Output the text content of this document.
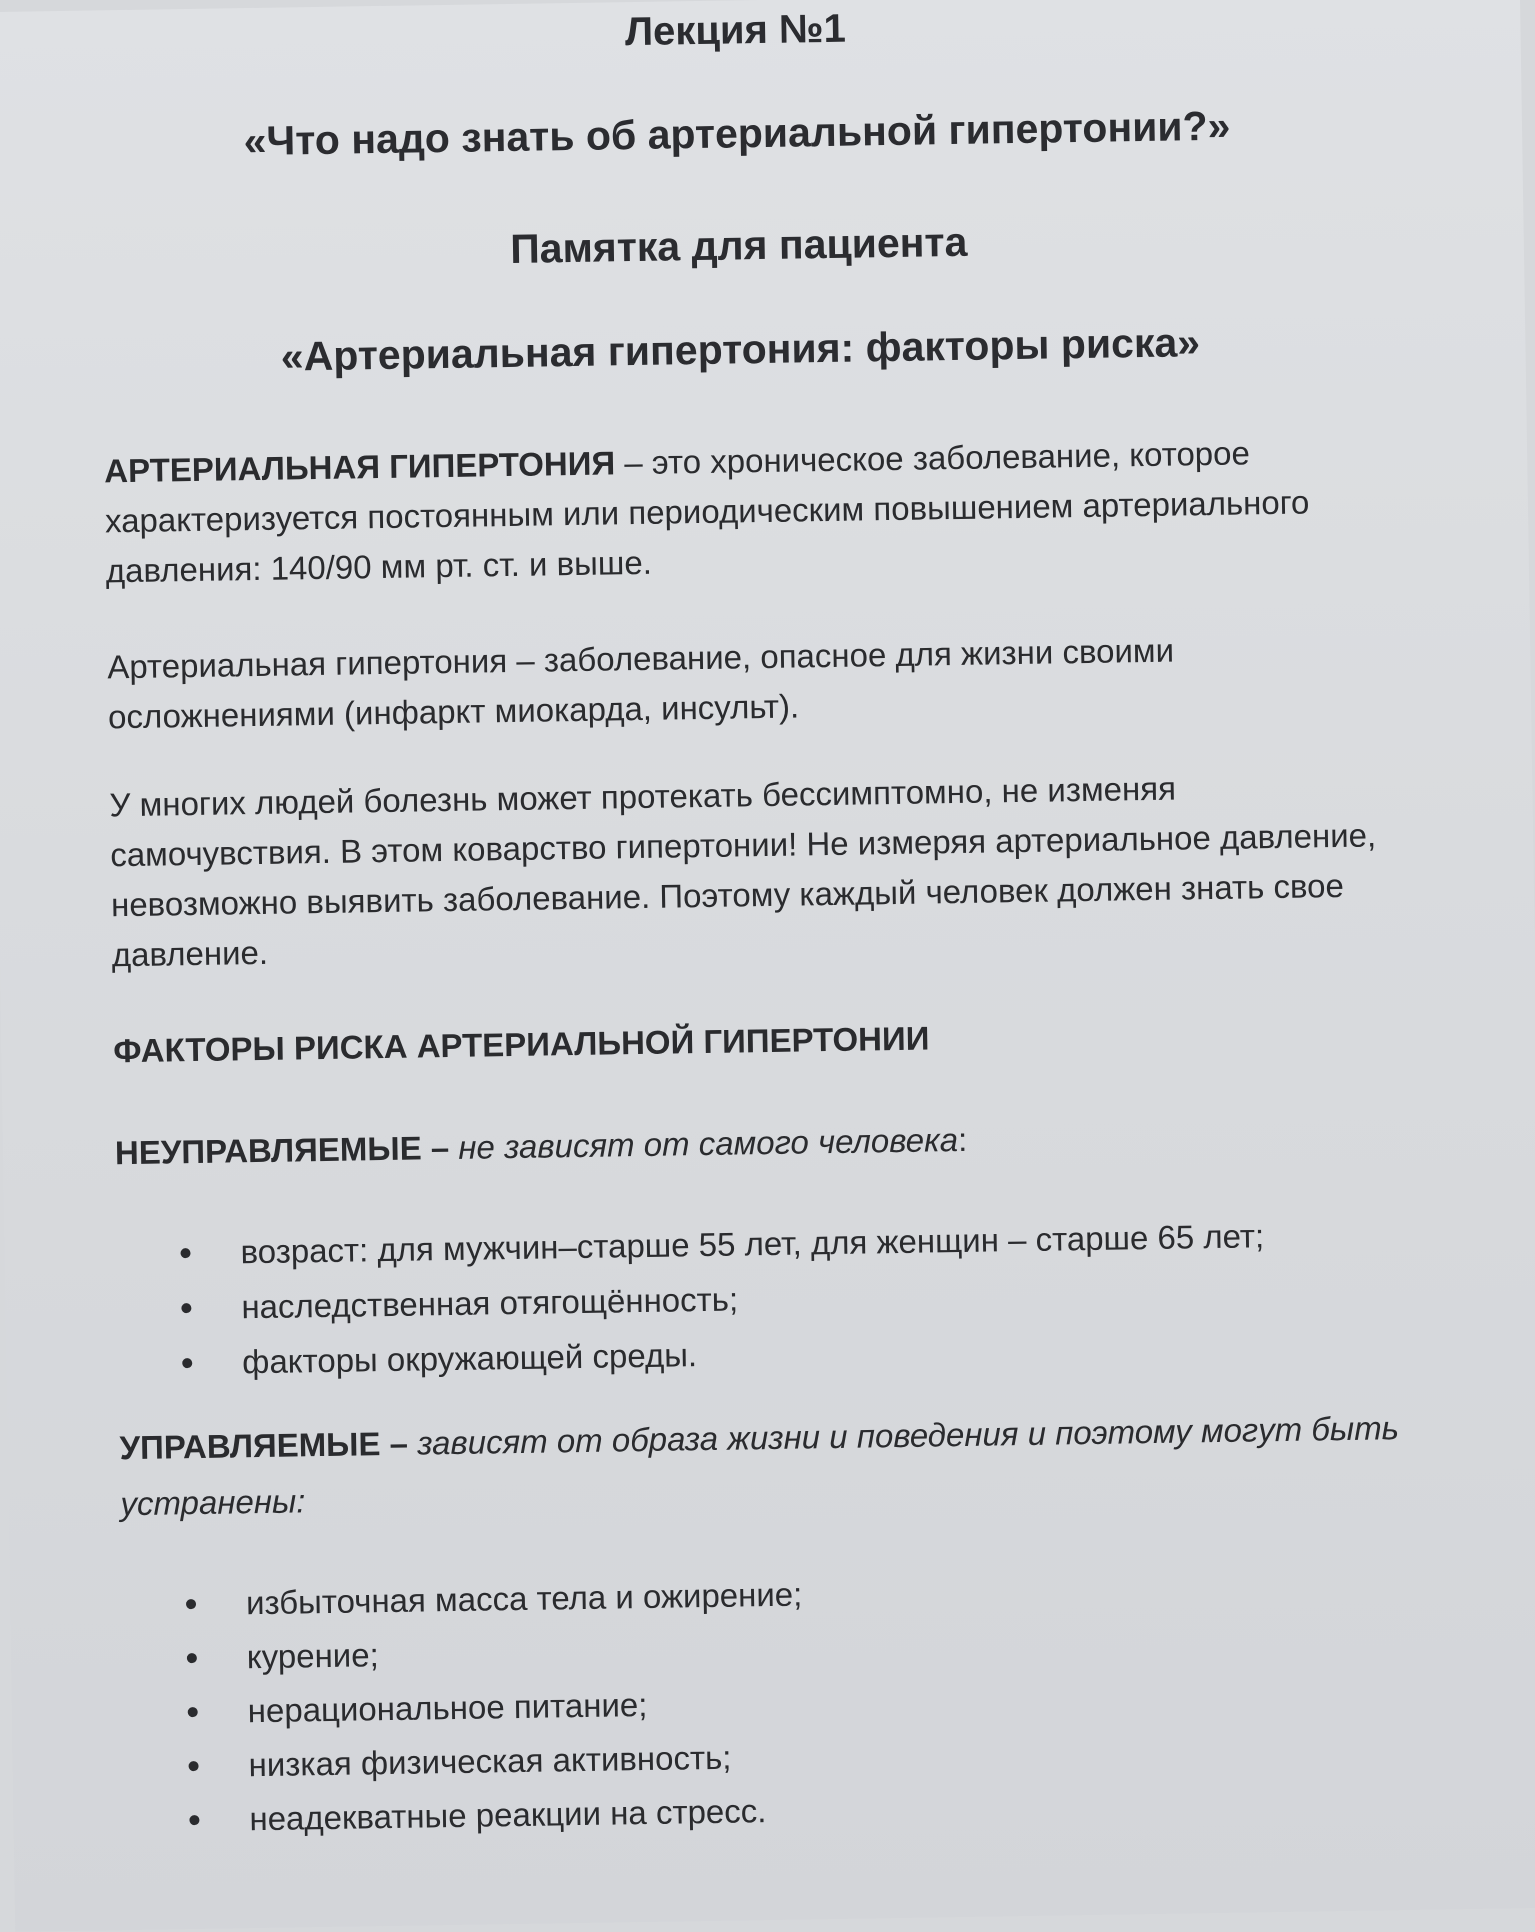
Лекция №1
«Что надо знать об артериальной гипертонии?»
Памятка для пациента
«Артериальная гипертония: факторы риска»

АРТЕРИАЛЬНАЯ ГИПЕРТОНИЯ – это хроническое заболевание, которое характеризуется постоянным или периодическим повышением артериального давления: 140/90 мм рт. ст. и выше.

Артериальная гипертония – заболевание, опасное для жизни своими осложнениями (инфаркт миокарда, инсульт).

У многих людей болезнь может протекать бессимптомно, не изменяя самочувствия. В этом коварство гипертонии! Не измеряя артериальное давление, невозможно выявить заболевание. Поэтому каждый человек должен знать свое давление.

ФАКТОРЫ РИСКА АРТЕРИАЛЬНОЙ ГИПЕРТОНИИ

НЕУПРАВЛЯЕМЫЕ – не зависят от самого человека:

возраст: для мужчин–старше 55 лет, для женщин – старше 65 лет;
наследственная отягощённость;
факторы окружающей среды.

УПРАВЛЯЕМЫЕ – зависят от образа жизни и поведения и поэтому могут быть устранены:

избыточная масса тела и ожирение;
курение;
нерациональное питание;
низкая физическая активность;
неадекватные реакции на стресс.
